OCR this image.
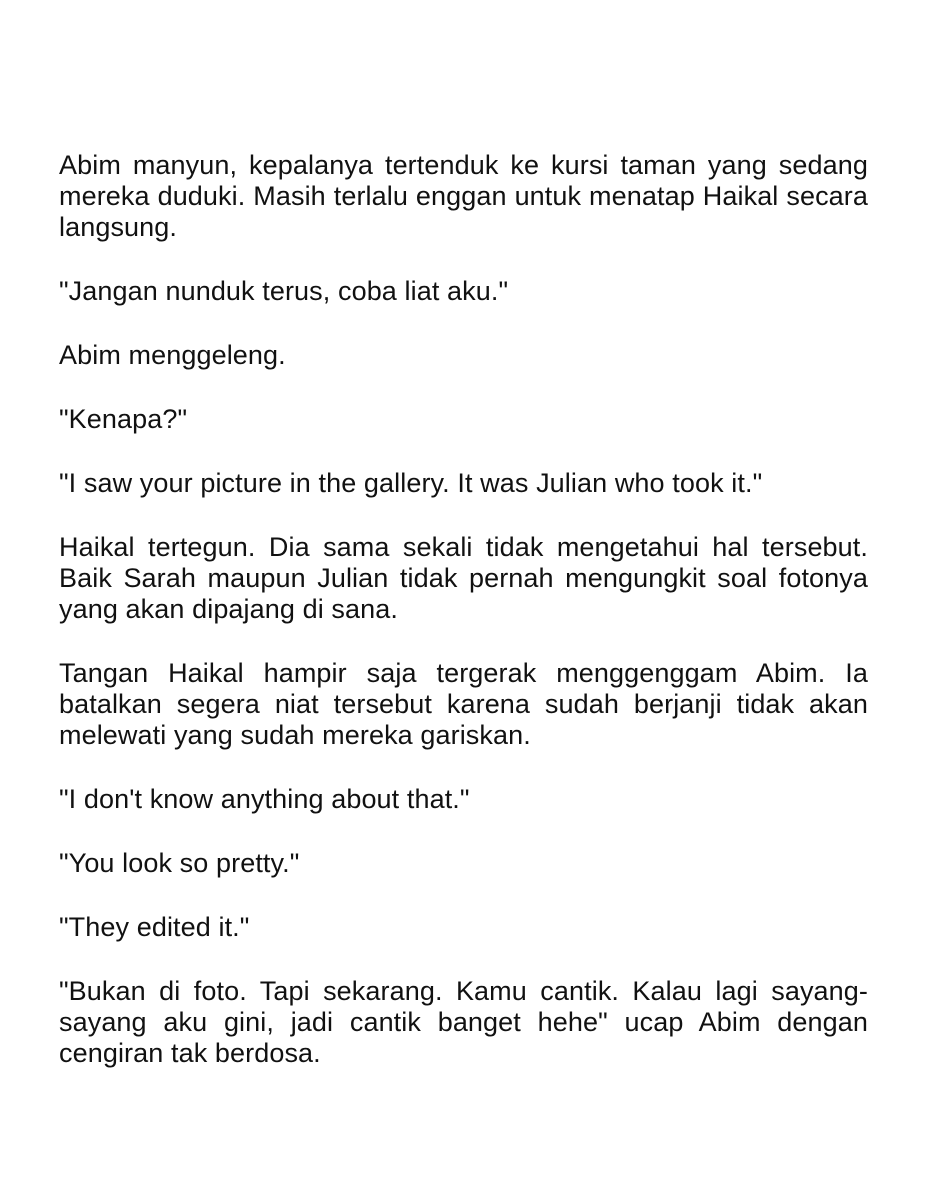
Abim manyun, kepalanya tertenduk ke kursi taman yang sedang mereka duduki. Masih terlalu enggan untuk menatap Haikal secara langsung.

"Jangan nunduk terus, coba liat aku."

Abim menggeleng.

"Kenapa?"

"I saw your picture in the gallery. It was Julian who took it."

Haikal tertegun. Dia sama sekali tidak mengetahui hal tersebut. Baik Sarah maupun Julian tidak pernah mengungkit soal fotonya yang akan dipajang di sana.

Tangan Haikal hampir saja tergerak menggenggam Abim. Ia batalkan segera niat tersebut karena sudah berjanji tidak akan melewati yang sudah mereka gariskan.

"I don't know anything about that."

"You look so pretty."

"They edited it."

"Bukan di foto. Tapi sekarang. Kamu cantik. Kalau lagi sayang-sayang aku gini, jadi cantik banget hehe" ucap Abim dengan cengiran tak berdosa.
